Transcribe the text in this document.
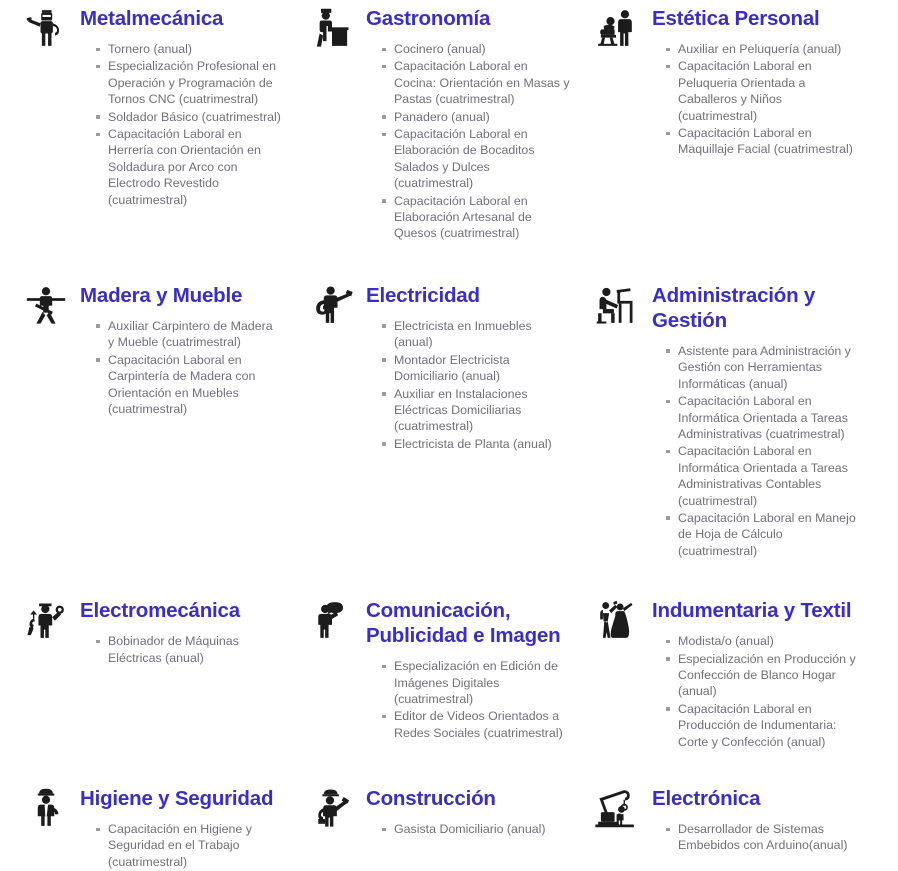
Metalmecánica
Tornero (anual)
Especialización Profesional en Operación y Programación de Tornos CNC (cuatrimestral)
Soldador Básico (cuatrimestral)
Capacitación Laboral en Herrería con Orientación en Soldadura por Arco con Electrodo Revestido (cuatrimestral)
Gastronomía
Cocinero (anual)
Capacitación Laboral en Cocina: Orientación en Masas y Pastas (cuatrimestral)
Panadero (anual)
Capacitación Laboral en Elaboración de Bocaditos Salados y Dulces (cuatrimestral)
Capacitación Laboral en Elaboración Artesanal de Quesos (cuatrimestral)
Estética Personal
Auxiliar en Peluquería (anual)
Capacitación Laboral en Peluqueria Orientada a Caballeros y Niños (cuatrimestral)
Capacitación Laboral en Maquillaje Facial (cuatrimestral)
Madera y Mueble
Auxiliar Carpintero de Madera y Mueble (cuatrimestral)
Capacitación Laboral en Carpintería de Madera con Orientación en Muebles (cuatrimestral)
Electricidad
Electricista en Inmuebles (anual)
Montador Electricista Domiciliario (anual)
Auxiliar en Instalaciones Eléctricas Domiciliarias (cuatrimestral)
Electricista de Planta (anual)
Administración y Gestión
Asistente para Administración y Gestión con Herramientas Informáticas (anual)
Capacitación Laboral en Informática Orientada a Tareas Administrativas (cuatrimestral)
Capacitación Laboral en Informática Orientada a Tareas Administrativas Contables (cuatrimestral)
Capacitación Laboral en Manejo de Hoja de Cálculo (cuatrimestral)
Electromecánica
Bobinador de Máquinas Eléctricas (anual)
Comunicación, Publicidad e Imagen
Especialización en Edición de Imágenes Digitales (cuatrimestral)
Editor de Videos Orientados a Redes Sociales (cuatrimestral)
Indumentaria y Textil
Modista/o (anual)
Especialización en Producción y Confección de Blanco Hogar (anual)
Capacitación Laboral en Producción de Indumentaria: Corte y Confección (anual)
Higiene y Seguridad
Capacitación en Higiene y Seguridad en el Trabajo (cuatrimestral)
Construcción
Gasista Domiciliario (anual)
Electrónica
Desarrollador de Sistemas Embebidos con Arduino(anual)
